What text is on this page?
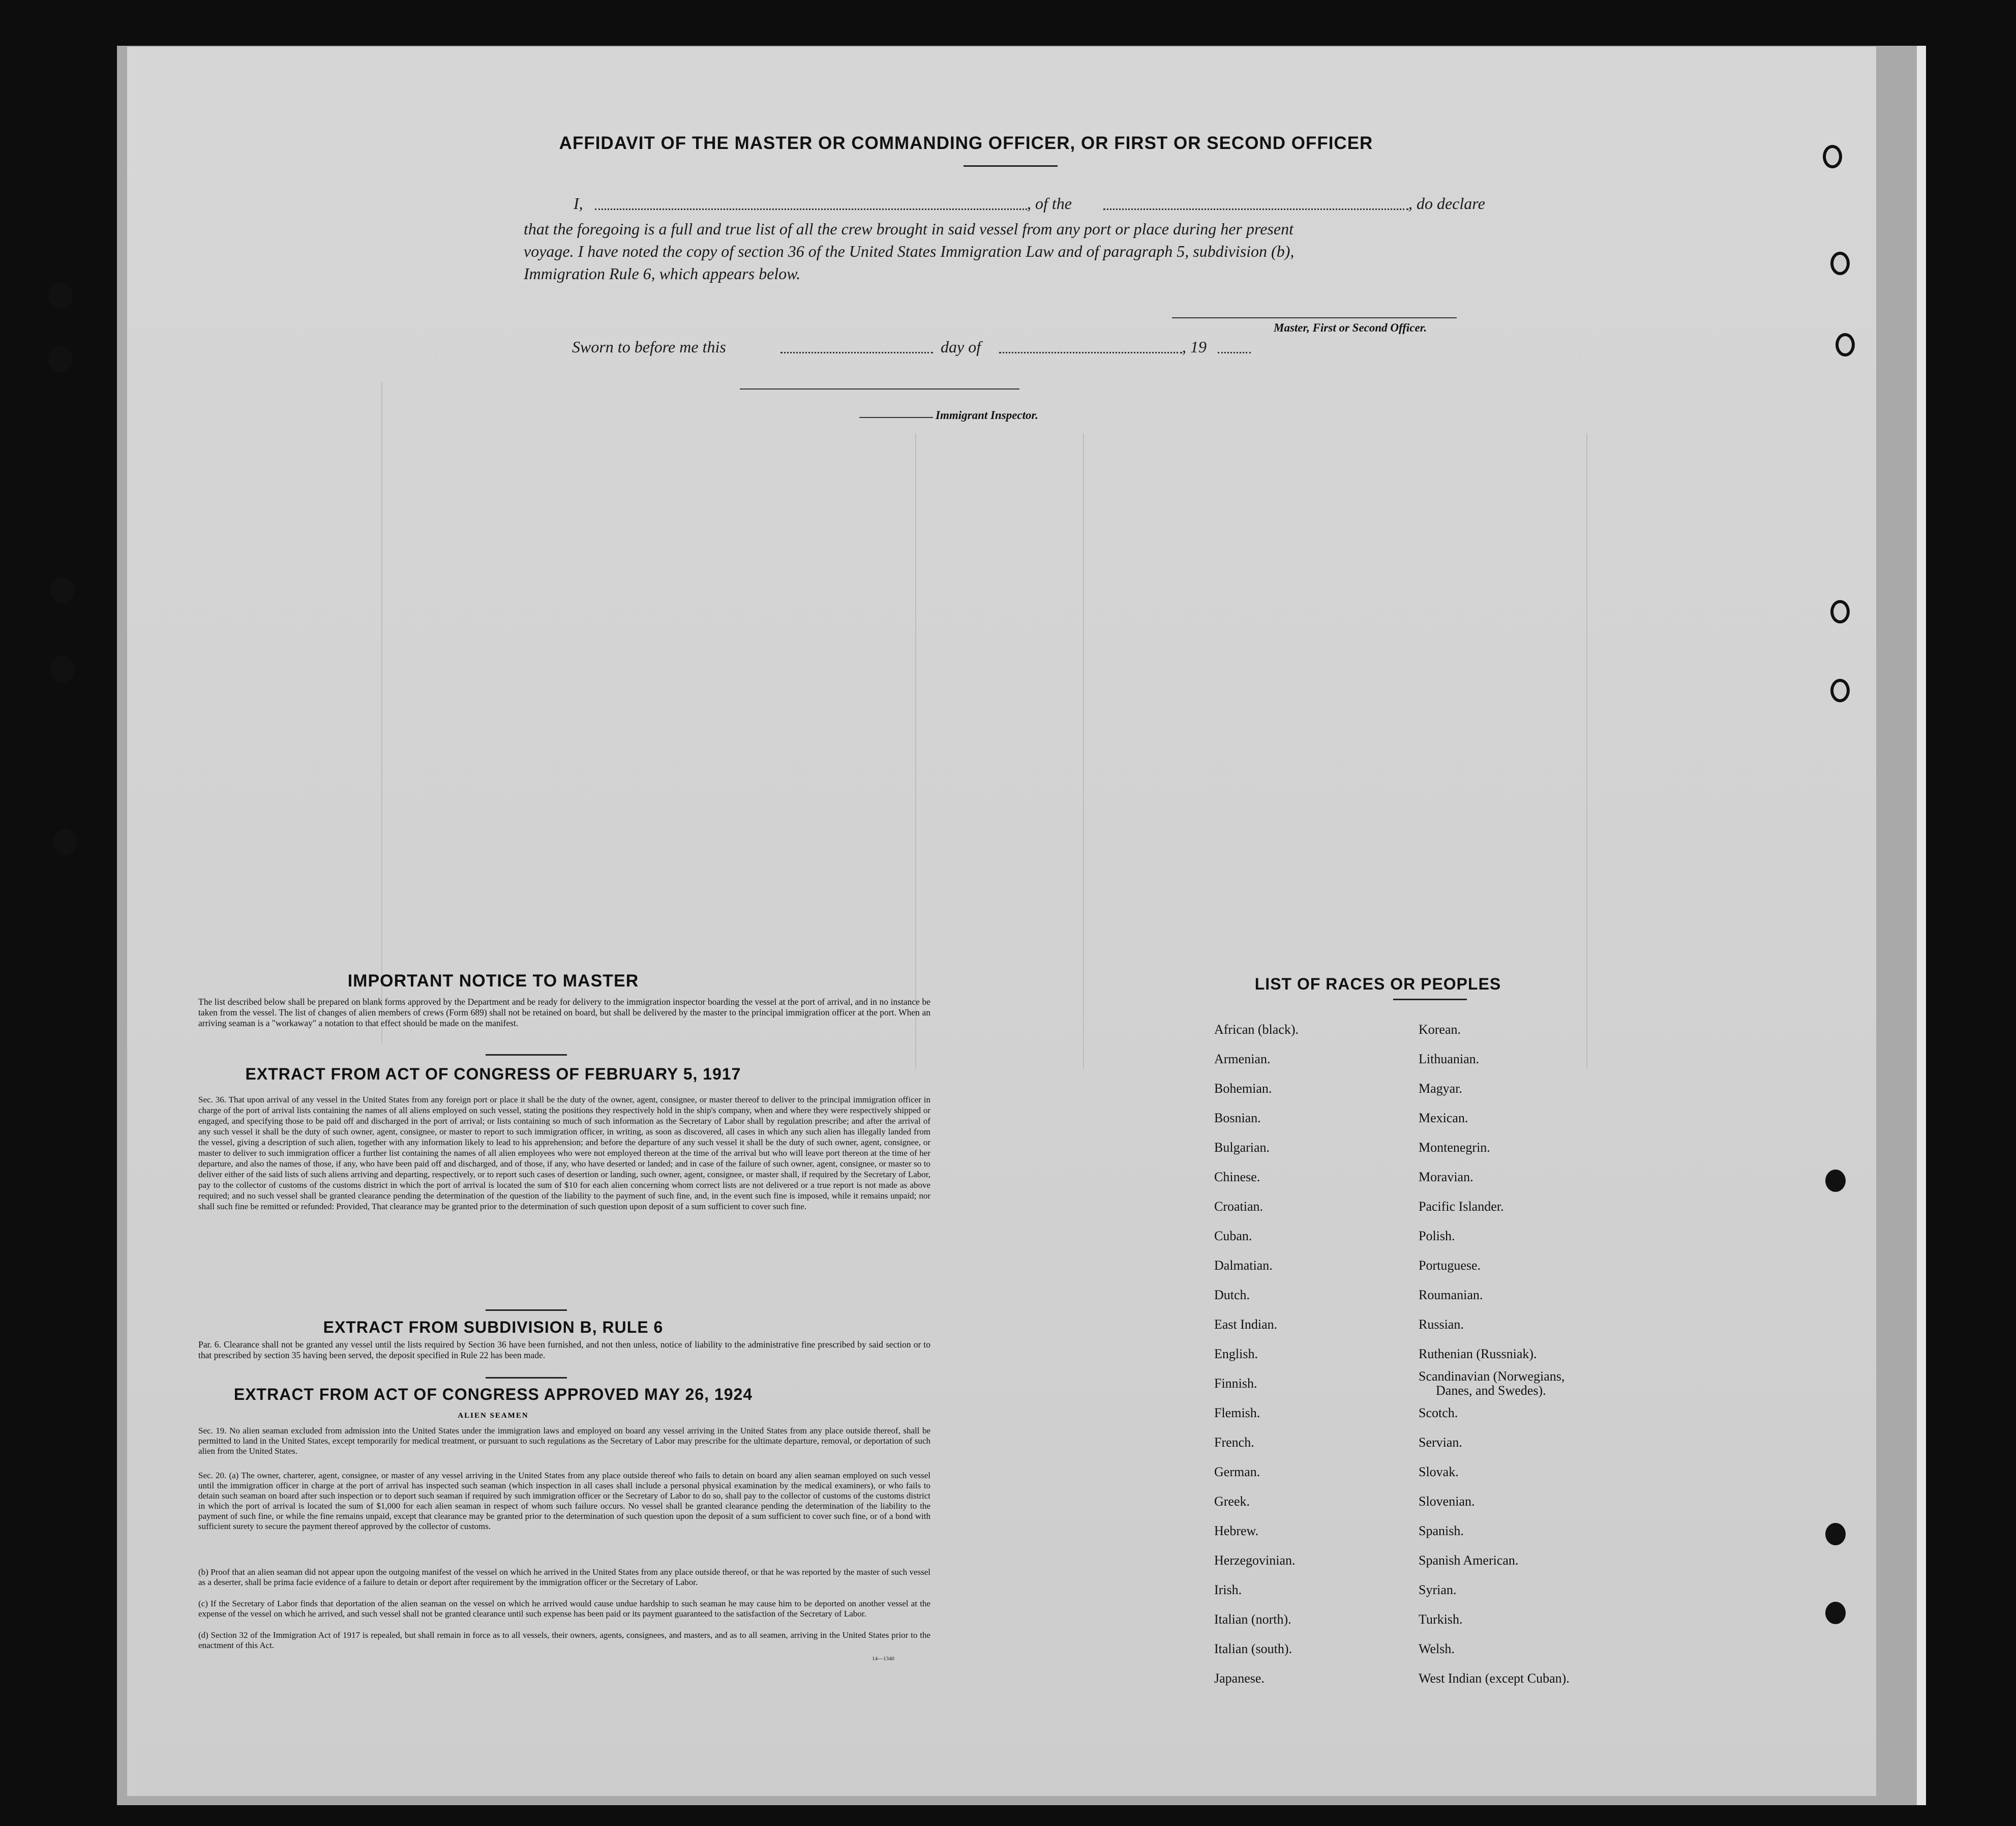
AFFIDAVIT OF THE MASTER OR COMMANDING OFFICER, OR FIRST OR SECOND OFFICER
I,	, of the	, do declare
that the foregoing is a full and true list of all the crew brought in said vessel from any port or place during her present
voyage. I have noted the copy of section 36 of the United States Immigration Law and of paragraph 5, subdivision (b),
Immigration Rule 6, which appears below.
Master, First or Second Officer.
Sworn to before me this	day of	, 19
Immigrant Inspector.
IMPORTANT NOTICE TO MASTER
The list described below shall be prepared on blank forms approved by the Department and be ready for delivery to the immigration inspector boarding the vessel at the port of arrival, and in no instance be taken from the vessel. The list of changes of alien members of crews (Form 689) shall not be retained on board, but shall be delivered by the master to the principal immigration officer at the port. When an arriving seaman is a "workaway" a notation to that effect should be made on the manifest.
EXTRACT FROM ACT OF CONGRESS OF FEBRUARY 5, 1917
Sec. 36. That upon arrival of any vessel in the United States from any foreign port or place it shall be the duty of the owner, agent, consignee, or master thereof to deliver to the principal immigration officer in charge of the port of arrival lists containing the names of all aliens employed on such vessel, stating the positions they respectively hold in the ship's company, when and where they were respectively shipped or engaged, and specifying those to be paid off and discharged in the port of arrival; or lists containing so much of such information as the Secretary of Labor shall by regulation prescribe; and after the arrival of any such vessel it shall be the duty of such owner, agent, consignee, or master to report to such immigration officer, in writing, as soon as discovered, all cases in which any such alien has illegally landed from the vessel, giving a description of such alien, together with any information likely to lead to his apprehension; and before the departure of any such vessel it shall be the duty of such owner, agent, consignee, or master to deliver to such immigration officer a further list containing the names of all alien employees who were not employed thereon at the time of the arrival but who will leave port thereon at the time of her departure, and also the names of those, if any, who have been paid off and discharged, and of those, if any, who have deserted or landed; and in case of the failure of such owner, agent, consignee, or master so to deliver either of the said lists of such aliens arriving and departing, respectively, or to report such cases of desertion or landing, such owner, agent, consignee, or master shall, if required by the Secretary of Labor, pay to the collector of customs of the customs district in which the port of arrival is located the sum of $10 for each alien concerning whom correct lists are not delivered or a true report is not made as above required; and no such vessel shall be granted clearance pending the determination of the question of the liability to the payment of such fine, and, in the event such fine is imposed, while it remains unpaid; nor shall such fine be remitted or refunded: Provided, That clearance may be granted prior to the determination of such question upon deposit of a sum sufficient to cover such fine.
EXTRACT FROM SUBDIVISION B, RULE 6
Par. 6. Clearance shall not be granted any vessel until the lists required by Section 36 have been furnished, and not then unless, notice of liability to the administrative fine prescribed by said section or to that prescribed by section 35 having been served, the deposit specified in Rule 22 has been made.
EXTRACT FROM ACT OF CONGRESS APPROVED MAY 26, 1924
ALIEN SEAMEN
Sec. 19. No alien seaman excluded from admission into the United States under the immigration laws and employed on board any vessel arriving in the United States from any place outside thereof, shall be permitted to land in the United States, except temporarily for medical treatment, or pursuant to such regulations as the Secretary of Labor may prescribe for the ultimate departure, removal, or deportation of such alien from the United States.
Sec. 20. (a) The owner, charterer, agent, consignee, or master of any vessel arriving in the United States from any place outside thereof who fails to detain on board any alien seaman employed on such vessel until the immigration officer in charge at the port of arrival has inspected such seaman (which inspection in all cases shall include a personal physical examination by the medical examiners), or who fails to detain such seaman on board after such inspection or to deport such seaman if required by such immigration officer or the Secretary of Labor to do so, shall pay to the collector of customs of the customs district in which the port of arrival is located the sum of $1,000 for each alien seaman in respect of whom such failure occurs. No vessel shall be granted clearance pending the determination of the liability to the payment of such fine, or while the fine remains unpaid, except that clearance may be granted prior to the determination of such question upon the deposit of a sum sufficient to cover such fine, or of a bond with sufficient surety to secure the payment thereof approved by the collector of customs.
(b) Proof that an alien seaman did not appear upon the outgoing manifest of the vessel on which he arrived in the United States from any place outside thereof, or that he was reported by the master of such vessel as a deserter, shall be prima facie evidence of a failure to detain or deport after requirement by the immigration officer or the Secretary of Labor.
(c) If the Secretary of Labor finds that deportation of the alien seaman on the vessel on which he arrived would cause undue hardship to such seaman he may cause him to be deported on another vessel at the expense of the vessel on which he arrived, and such vessel shall not be granted clearance until such expense has been paid or its payment guaranteed to the satisfaction of the Secretary of Labor.
(d) Section 32 of the Immigration Act of 1917 is repealed, but shall remain in force as to all vessels, their owners, agents, consignees, and masters, and as to all seamen, arriving in the United States prior to the enactment of this Act.
14—1340
LIST OF RACES OR PEOPLES
African (black).
Armenian.
Bohemian.
Bosnian.
Bulgarian.
Chinese.
Croatian.
Cuban.
Dalmatian.
Dutch.
East Indian.
English.
Finnish.
Flemish.
French.
German.
Greek.
Hebrew.
Herzegovinian.
Irish.
Italian (north).
Italian (south).
Japanese.
Korean.
Lithuanian.
Magyar.
Mexican.
Montenegrin.
Moravian.
Pacific Islander.
Polish.
Portuguese.
Roumanian.
Russian.
Ruthenian (Russniak).
Scandinavian (Norwegians,
Danes, and Swedes).
Scotch.
Servian.
Slovak.
Slovenian.
Spanish.
Spanish American.
Syrian.
Turkish.
Welsh.
West Indian (except Cuban).
